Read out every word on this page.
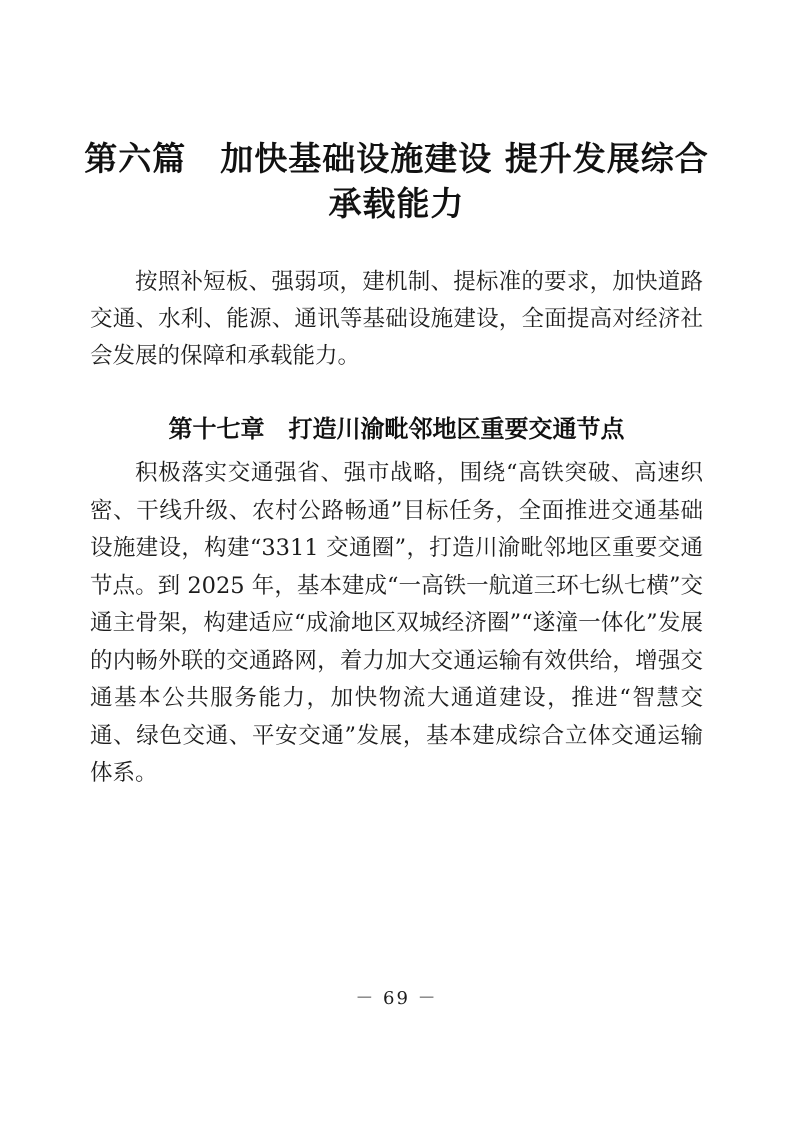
第六篇　加快基础设施建设 提升发展综合
承载能力

按照补短板、强弱项，建机制、提标准的要求，加快道路交通、水利、能源、通讯等基础设施建设，全面提高对经济社会发展的保障和承载能力。

第十七章　打造川渝毗邻地区重要交通节点

积极落实交通强省、强市战略，围绕“高铁突破、高速织密、干线升级、农村公路畅通”目标任务，全面推进交通基础设施建设，构建“3311 交通圈”，打造川渝毗邻地区重要交通节点。到 2025 年，基本建成“一高铁一航道三环七纵七横”交通主骨架，构建适应“成渝地区双城经济圈”“遂潼一体化”发展的内畅外联的交通路网，着力加大交通运输有效供给，增强交通基本公共服务能力，加快物流大通道建设，推进“智慧交通、绿色交通、平安交通”发展，基本建成综合立体交通运输体系。

－ 69 －
